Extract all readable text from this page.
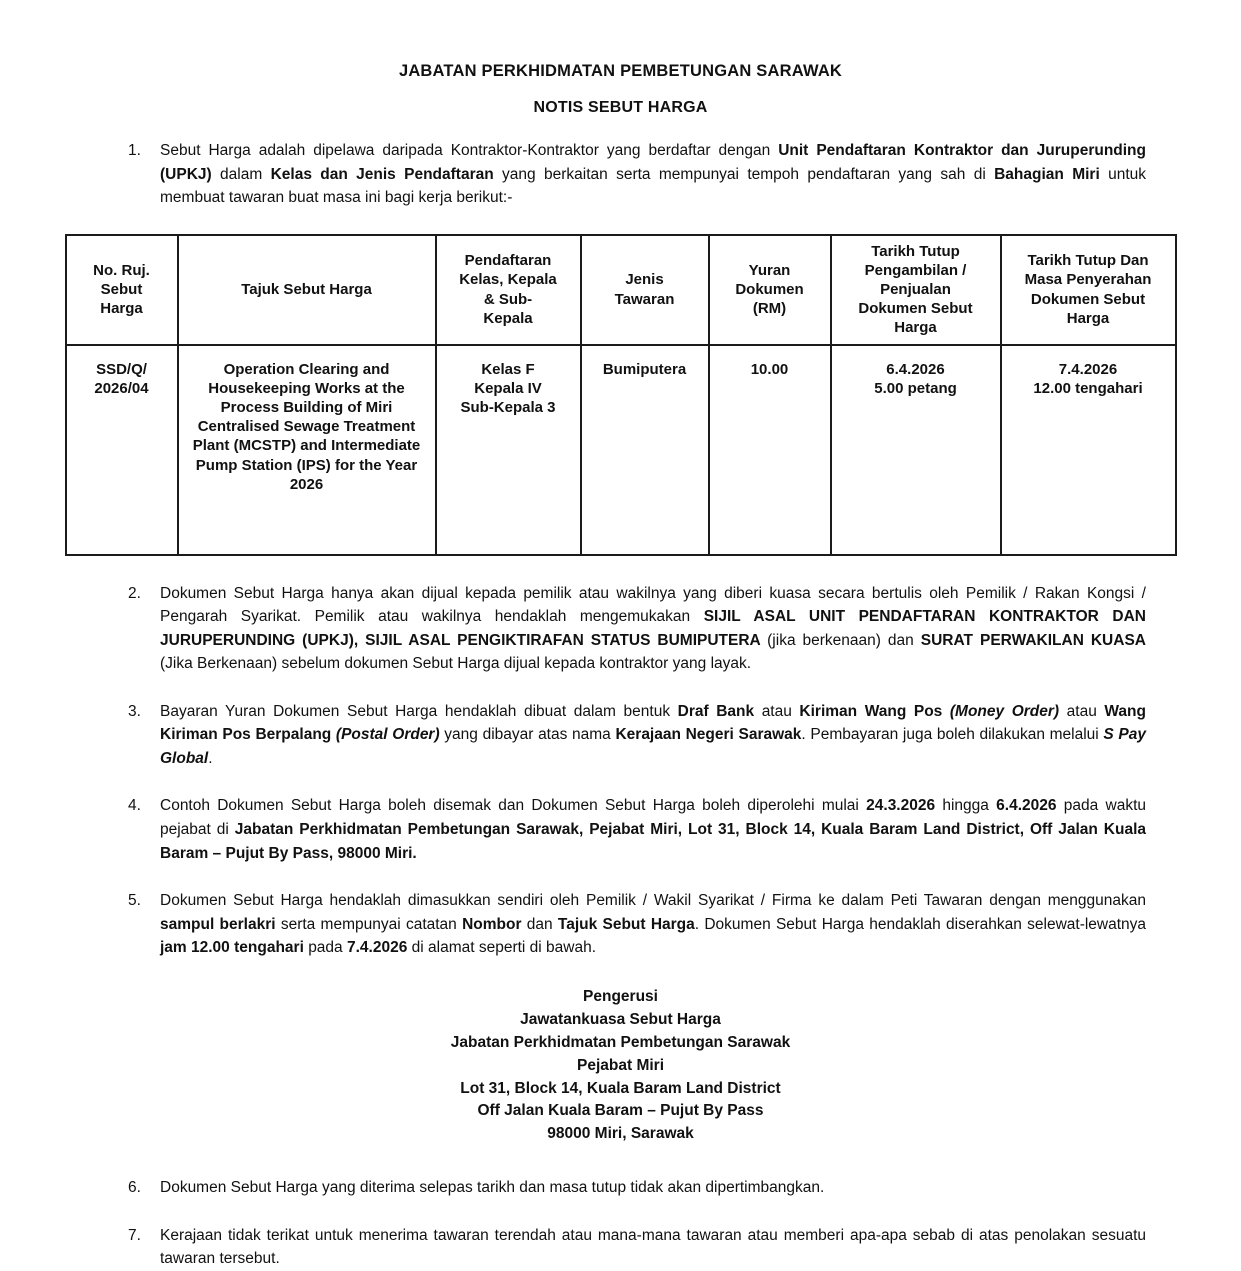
JABATAN PERKHIDMATAN PEMBETUNGAN SARAWAK
NOTIS SEBUT HARGA
1.	Sebut Harga adalah dipelawa daripada Kontraktor-Kontraktor yang berdaftar dengan Unit Pendaftaran Kontraktor dan Juruperunding (UPKJ) dalam Kelas dan Jenis Pendaftaran yang berkaitan serta mempunyai tempoh pendaftaran yang sah di Bahagian Miri untuk membuat tawaran buat masa ini bagi kerja berikut:-
No. Ruj.
Sebut
Harga	Tajuk Sebut Harga	Pendaftaran
Kelas, Kepala
& Sub-
Kepala	Jenis
Tawaran	Yuran
Dokumen
(RM)	Tarikh Tutup
Pengambilan /
Penjualan
Dokumen Sebut
Harga	Tarikh Tutup Dan
Masa Penyerahan
Dokumen Sebut
Harga

SSD/Q/
2026/04	Operation Clearing and Housekeeping Works at the Process Building of Miri Centralised Sewage Treatment Plant (MCSTP) and Intermediate Pump Station (IPS) for the Year 2026	Kelas F
Kepala IV
Sub-Kepala 3	Bumiputera	10.00	6.4.2026
5.00 petang	7.4.2026
12.00 tengahari
2.	Dokumen Sebut Harga hanya akan dijual kepada pemilik atau wakilnya yang diberi kuasa secara bertulis oleh Pemilik / Rakan Kongsi / Pengarah Syarikat. Pemilik atau wakilnya hendaklah mengemukakan SIJIL ASAL UNIT PENDAFTARAN KONTRAKTOR DAN JURUPERUNDING (UPKJ), SIJIL ASAL PENGIKTIRAFAN STATUS BUMIPUTERA (jika berkenaan) dan SURAT PERWAKILAN KUASA (Jika Berkenaan) sebelum dokumen Sebut Harga dijual kepada kontraktor yang layak.
3.	Bayaran Yuran Dokumen Sebut Harga hendaklah dibuat dalam bentuk Draf Bank atau Kiriman Wang Pos (Money Order) atau Wang Kiriman Pos Berpalang (Postal Order) yang dibayar atas nama Kerajaan Negeri Sarawak. Pembayaran juga boleh dilakukan melalui S Pay Global.
4.	Contoh Dokumen Sebut Harga boleh disemak dan Dokumen Sebut Harga boleh diperolehi mulai 24.3.2026 hingga 6.4.2026 pada waktu pejabat di Jabatan Perkhidmatan Pembetungan Sarawak, Pejabat Miri, Lot 31, Block 14, Kuala Baram Land District, Off Jalan Kuala Baram – Pujut By Pass, 98000 Miri.
5.	Dokumen Sebut Harga hendaklah dimasukkan sendiri oleh Pemilik / Wakil Syarikat / Firma ke dalam Peti Tawaran dengan menggunakan sampul berlakri serta mempunyai catatan Nombor dan Tajuk Sebut Harga. Dokumen Sebut Harga hendaklah diserahkan selewat-lewatnya jam 12.00 tengahari pada 7.4.2026 di alamat seperti di bawah.
Pengerusi
Jawatankuasa Sebut Harga
Jabatan Perkhidmatan Pembetungan Sarawak
Pejabat Miri
Lot 31, Block 14, Kuala Baram Land District
Off Jalan Kuala Baram – Pujut By Pass
98000 Miri, Sarawak
6.	Dokumen Sebut Harga yang diterima selepas tarikh dan masa tutup tidak akan dipertimbangkan.
7.	Kerajaan tidak terikat untuk menerima tawaran terendah atau mana-mana tawaran atau memberi apa-apa sebab di atas penolakan sesuatu tawaran tersebut.
